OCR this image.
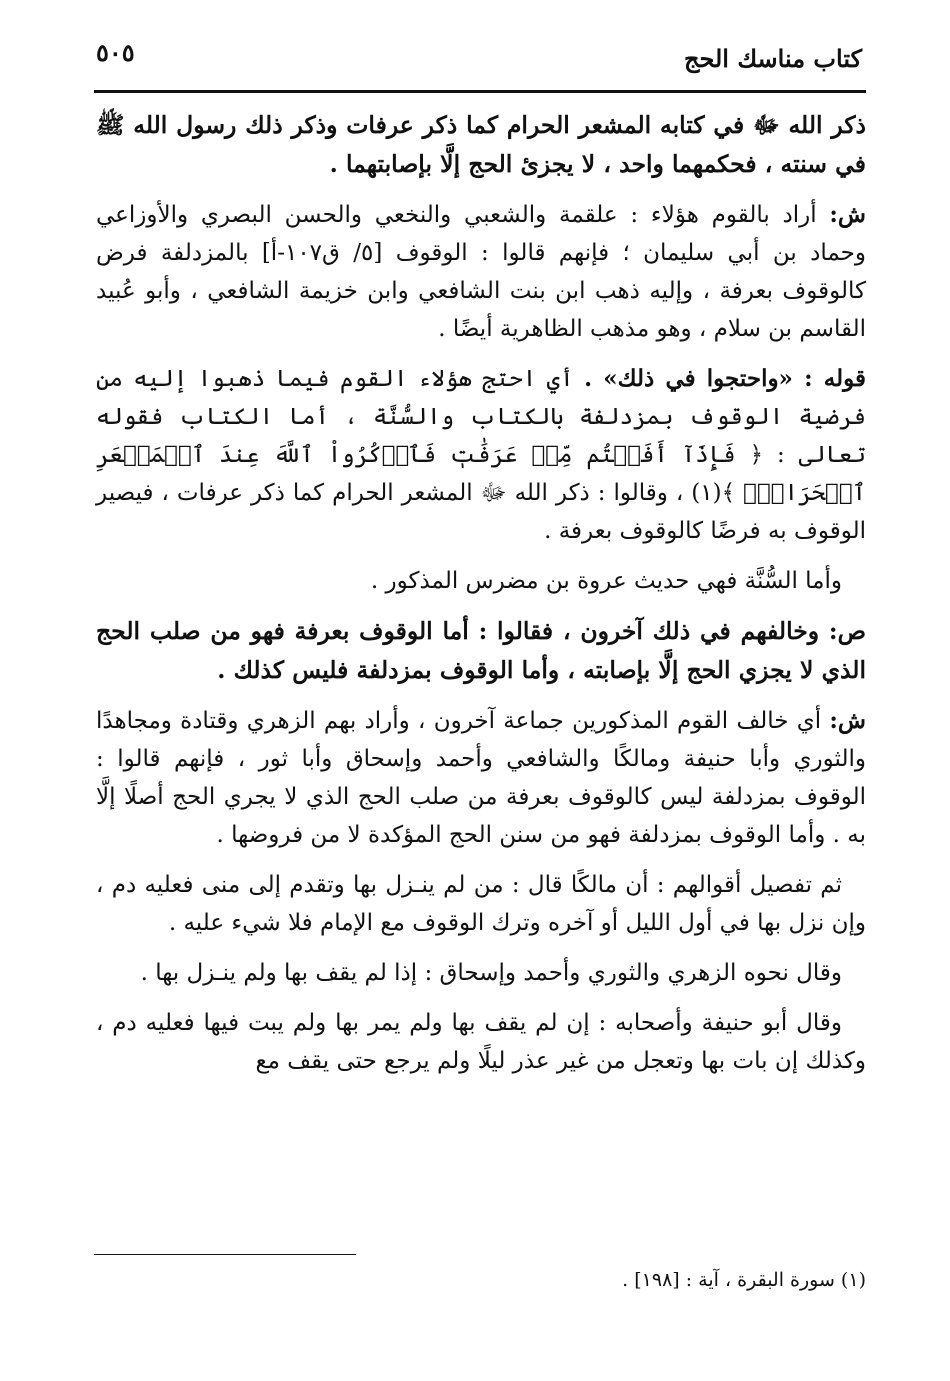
كتاب مناسك الحج
٥٠٥

ذكر الله ﷻ في كتابه المشعر الحرام كما ذكر عرفات وذكر ذلك رسول الله ﷺ في سنته ، فحكمهما واحد ، لا يجزئ الحج إلَّا بإصابتهما .

ش: أراد بالقوم هؤلاء : علقمة والشعبي والنخعي والحسن البصري والأوزاعي وحماد بن أبي سليمان ؛ فإنهم قالوا : الوقوف [٥/ ق١٠٧-أ] بالمزدلفة فرض كالوقوف بعرفة ، وإليه ذهب ابن بنت الشافعي وابن خزيمة الشافعي ، وأبو عُبيد القاسم بن سلام ، وهو مذهب الظاهرية أيضًا .

قوله : «واحتجوا في ذلك» . أي احتج هؤلاء القوم فيما ذهبوا إليه من فرضية الوقوف بمزدلفة بالكتاب والسُّنَّة ، أما الكتاب فقوله تعالى : ﴿ فَإِذَآ أَفَضۡتُم مِّنۡ عَرَفَٰتٖ فَٱذۡكُرُواْ ٱللَّهَ عِندَ ٱلۡمَشۡعَرِ ٱلۡحَرَامِۖ ﴾(١) ، وقالوا : ذكر الله ﷻ المشعر الحرام كما ذكر عرفات ، فيصير الوقوف به فرضًا كالوقوف بعرفة .

وأما السُّنَّة فهي حديث عروة بن مضرس المذكور .

ص: وخالفهم في ذلك آخرون ، فقالوا : أما الوقوف بعرفة فهو من صلب الحج الذي لا يجزي الحج إلَّا بإصابته ، وأما الوقوف بمزدلفة فليس كذلك .

ش: أي خالف القوم المذكورين جماعة آخرون ، وأراد بهم الزهري وقتادة ومجاهدًا والثوري وأبا حنيفة ومالكًا والشافعي وأحمد وإسحاق وأبا ثور ، فإنهم قالوا : الوقوف بمزدلفة ليس كالوقوف بعرفة من صلب الحج الذي لا يجري الحج أصلًا إلَّا به . وأما الوقوف بمزدلفة فهو من سنن الحج المؤكدة لا من فروضها .

ثم تفصيل أقوالهم : أن مالكًا قال : من لم ينـزل بها وتقدم إلى منى فعليه دم ، وإن نزل بها في أول الليل أو آخره وترك الوقوف مع الإمام فلا شيء عليه .

وقال نحوه الزهري والثوري وأحمد وإسحاق : إذا لم يقف بها ولم ينـزل بها .

وقال أبو حنيفة وأصحابه : إن لم يقف بها ولم يمر بها ولم يبت فيها فعليه دم ، وكذلك إن بات بها وتعجل من غير عذر ليلًا ولم يرجع حتى يقف مع

(١) سورة البقرة ، آية : [١٩٨] .
